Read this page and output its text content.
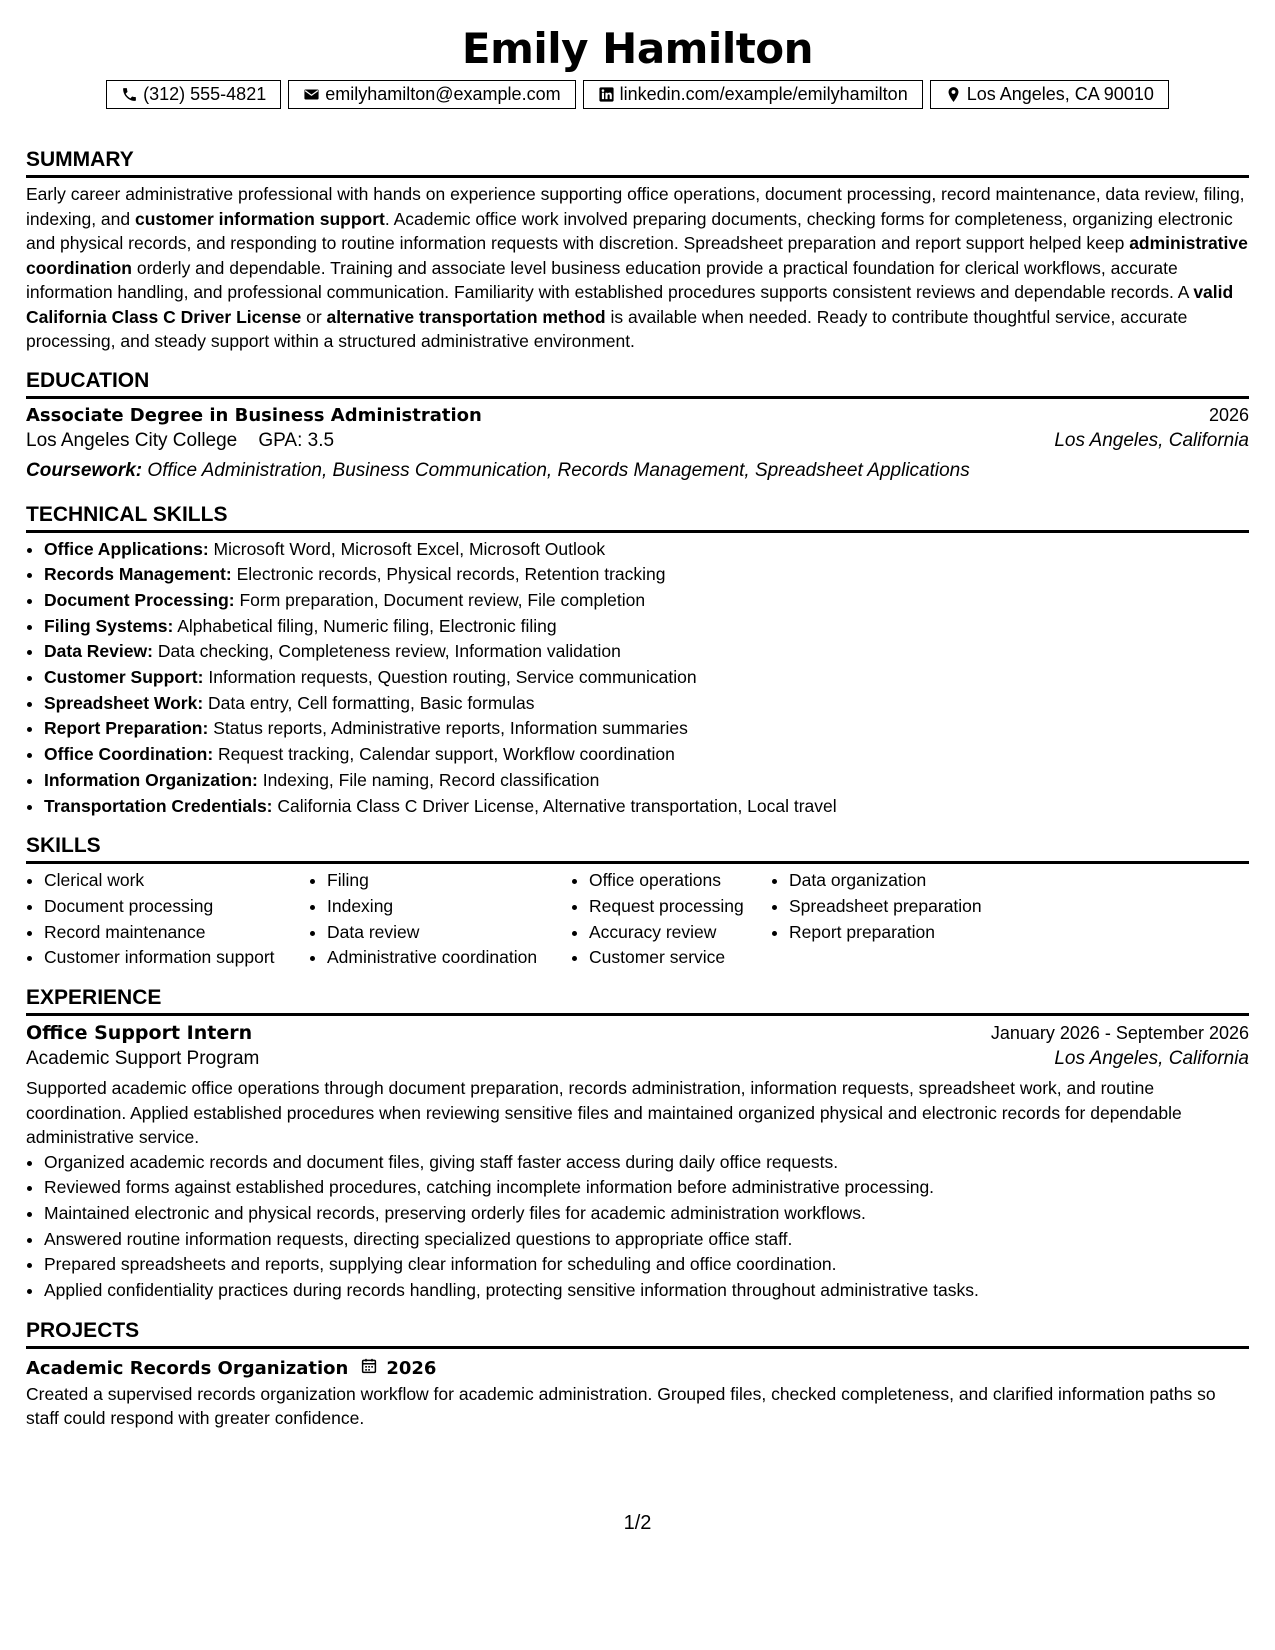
Emily Hamilton
(312) 555-4821	emilyhamilton@example.com	linkedin.com/example/emilyhamilton	Los Angeles, CA 90010
SUMMARY
Early career administrative professional with hands on experience supporting office operations, document processing, record maintenance, data review, filing, indexing, and customer information support. Academic office work involved preparing documents, checking forms for completeness, organizing electronic and physical records, and responding to routine information requests with discretion. Spreadsheet preparation and report support helped keep administrative coordination orderly and dependable. Training and associate level business education provide a practical foundation for clerical workflows, accurate information handling, and professional communication. Familiarity with established procedures supports consistent reviews and dependable records. A valid California Class C Driver License or alternative transportation method is available when needed. Ready to contribute thoughtful service, accurate processing, and steady support within a structured administrative environment.
EDUCATION
Associate Degree in Business Administration	2026
Los Angeles City College GPA: 3.5	Los Angeles, California
Coursework: Office Administration, Business Communication, Records Management, Spreadsheet Applications
TECHNICAL SKILLS
• Office Applications: Microsoft Word, Microsoft Excel, Microsoft Outlook
• Records Management: Electronic records, Physical records, Retention tracking
• Document Processing: Form preparation, Document review, File completion
• Filing Systems: Alphabetical filing, Numeric filing, Electronic filing
• Data Review: Data checking, Completeness review, Information validation
• Customer Support: Information requests, Question routing, Service communication
• Spreadsheet Work: Data entry, Cell formatting, Basic formulas
• Report Preparation: Status reports, Administrative reports, Information summaries
• Office Coordination: Request tracking, Calendar support, Workflow coordination
• Information Organization: Indexing, File naming, Record classification
• Transportation Credentials: California Class C Driver License, Alternative transportation, Local travel
SKILLS
• Clerical work
• Document processing
• Record maintenance
• Customer information support
• Filing
• Indexing
• Data review
• Administrative coordination
• Office operations
• Request processing
• Accuracy review
• Customer service
• Data organization
• Spreadsheet preparation
• Report preparation
EXPERIENCE
Office Support Intern	January 2026 - September 2026
Academic Support Program	Los Angeles, California
Supported academic office operations through document preparation, records administration, information requests, spreadsheet work, and routine coordination. Applied established procedures when reviewing sensitive files and maintained organized physical and electronic records for dependable administrative service.
• Organized academic records and document files, giving staff faster access during daily office requests.
• Reviewed forms against established procedures, catching incomplete information before administrative processing.
• Maintained electronic and physical records, preserving orderly files for academic administration workflows.
• Answered routine information requests, directing specialized questions to appropriate office staff.
• Prepared spreadsheets and reports, supplying clear information for scheduling and office coordination.
• Applied confidentiality practices during records handling, protecting sensitive information throughout administrative tasks.
PROJECTS
Academic Records Organization 2026
Created a supervised records organization workflow for academic administration. Grouped files, checked completeness, and clarified information paths so staff could respond with greater confidence.
1/2
